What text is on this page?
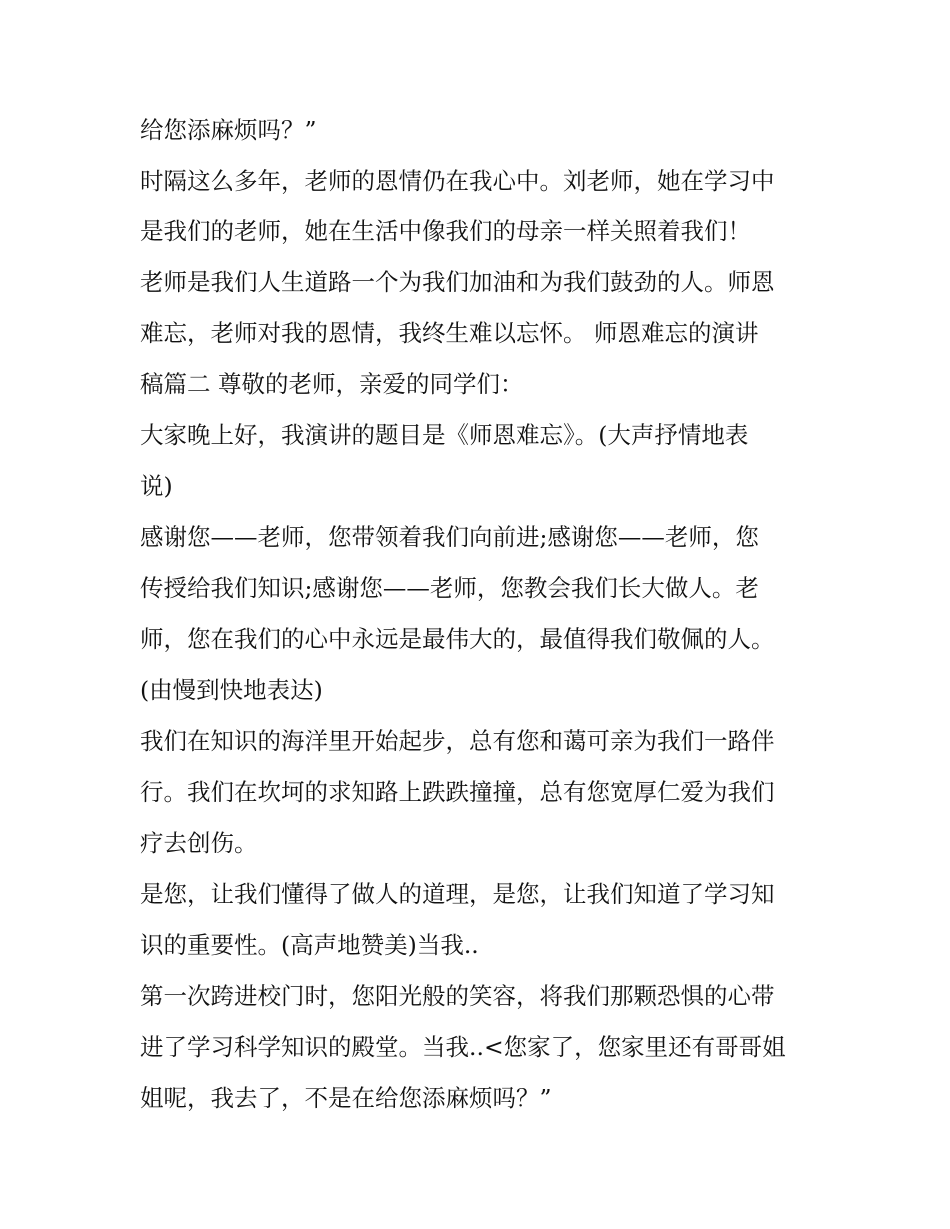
给您添麻烦吗？”
时隔这么多年，老师的恩情仍在我心中。刘老师，她在学习中
是我们的老师，她在生活中像我们的母亲一样关照着我们！
老师是我们人生道路一个为我们加油和为我们鼓劲的人。师恩
难忘，老师对我的恩情，我终生难以忘怀。 师恩难忘的演讲
稿篇二 尊敬的老师，亲爱的同学们：
大家晚上好，我演讲的题目是《师恩难忘》。(大声抒情地表
说)
感谢您——老师，您带领着我们向前进;感谢您——老师，您
传授给我们知识;感谢您——老师，您教会我们长大做人。老
师，您在我们的心中永远是最伟大的，最值得我们敬佩的人。
(由慢到快地表达)
我们在知识的海洋里开始起步，总有您和蔼可亲为我们一路伴
行。我们在坎坷的求知路上跌跌撞撞，总有您宽厚仁爱为我们
疗去创伤。
是您，让我们懂得了做人的道理，是您，让我们知道了学习知
识的重要性。(高声地赞美)当我..
第一次跨进校门时，您阳光般的笑容，将我们那颗恐惧的心带
进了学习科学知识的殿堂。当我..<您家了，您家里还有哥哥姐
姐呢，我去了，不是在给您添麻烦吗？”
